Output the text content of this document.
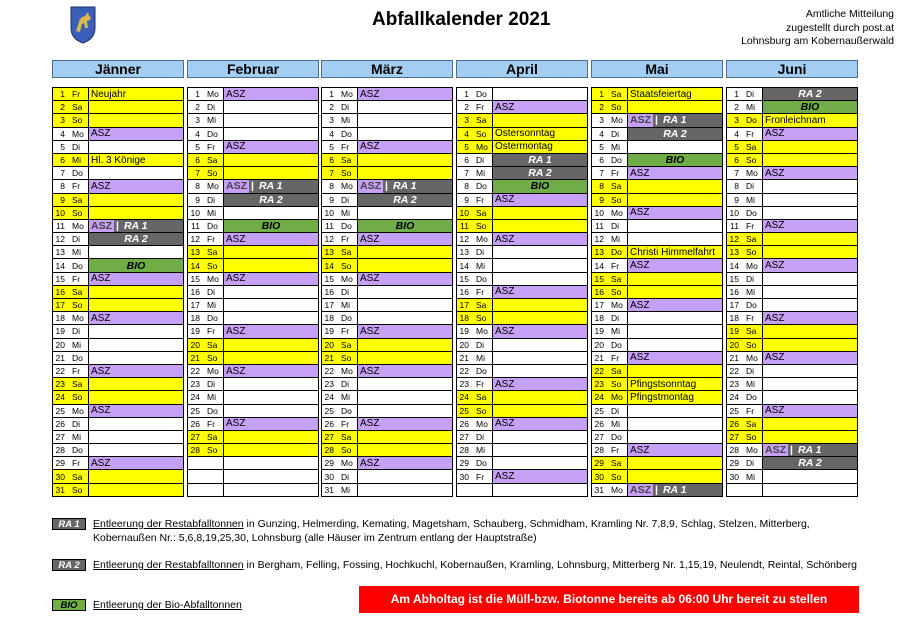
Abfallkalender 2021	Amtliche Mitteilung
zugestellt durch post.at
Lohnsburg am Kobernaußerwald
Jänner
1 Fr	Neujahr
2 Sa
3 So
4 Mo ASZ
5 Di
6 Mi	Hl. 3 Könige
7 Do
8 Fr	ASZ
9 Sa
10 So
11 Mo ASZ | RA 1
12 Di	RA 2
13 Mi
14 Do	BIO
15 Fr	ASZ
16 Sa
17 So
18 Mo ASZ
19 Di
20 Mi
21 Do
22 Fr	ASZ
23 Sa
24 So
25 Mo ASZ
26 Di
27 Mi
28 Do
29 Fr	ASZ
30 Sa
31 So
Februar
1 Mo ASZ
2 Di
3 Mi
4 Do
5 Fr	ASZ
6 Sa
7 So
8 Mo ASZ | RA 1
9 Di	RA 2
10 Mi
11 Do	BIO
12 Fr	ASZ
13 Sa
14 So
15 Mo ASZ
16 Di
17 Mi
18 Do
19 Fr	ASZ
20 Sa
21 So
22 Mo ASZ
23 Di
24 Mi
25 Do
26 Fr	ASZ
27 Sa
28 So
März
1 Mo ASZ
2 Di
3 Mi
4 Do
5 Fr	ASZ
6 Sa
7 So
8 Mo ASZ | RA 1
9 Di	RA 2
10 Mi
11 Do	BIO
12 Fr	ASZ
13 Sa
14 So
15 Mo ASZ
16 Di
17 Mi
18 Do
19 Fr	ASZ
20 Sa
21 So
22 Mo ASZ
23 Di
24 Mi
25 Do
26 Fr	ASZ
27 Sa
28 So
29 Mo ASZ
30 Di
31 Mi
April
1 Do
2 Fr	ASZ
3 Sa
4 So Ostersonntag
5 Mo Ostermontag
6 Di	RA 1
7 Mi	RA 2
8 Do	BIO
9 Fr	ASZ
10 Sa
11 So
12 Mo ASZ
13 Di
14 Mi
15 Do
16 Fr	ASZ
17 Sa
18 So
19 Mo ASZ
20 Di
21 Mi
22 Do
23 Fr	ASZ
24 Sa
25 So
26 Mo ASZ
27 Di
28 Mi
29 Do
30 Fr	ASZ
Mai
1 Sa Staatsfeiertag
2 So
3 Mo ASZ | RA 1
4 Di	RA 2
5 Mi
6 Do	BIO
7 Fr	ASZ
8 Sa
9 So
10 Mo ASZ
11 Di
12 Mi
13 Do Christi Himmelfahrt
14 Fr	ASZ
15 Sa
16 So
17 Mo ASZ
18 Di
19 Mi
20 Do
21 Fr	ASZ
22 Sa
23 So Pfingstsonntag
24 Mo Pfingstmontag
25 Di
26 Mi
27 Do
28 Fr	ASZ
29 Sa
30 So
31 Mo ASZ | RA 1
Juni
1 Di	RA 2
2 Mi	BIO
3 Do Fronleichnam
4 Fr	ASZ
5 Sa
6 So
7 Mo ASZ
8 Di
9 Mi
10 Do
11 Fr	ASZ
12 Sa
13 So
14 Mo ASZ
15 Di
16 Mi
17 Do
18 Fr	ASZ
19 Sa
20 So
21 Mo ASZ
22 Di
23 Mi
24 Do
25 Fr	ASZ
26 Sa
27 So
28 Mo ASZ | RA 1
29 Di	RA 2
30 Mi
RA 1	Entleerung der Restabfalltonnen in Gunzing, Helmerding, Kemating, Magetsham, Schauberg, Schmidham, Kramling Nr. 7,8,9, Schlag, Stelzen, Mitterberg, Kobernaußen Nr.: 5,6,8,19,25,30, Lohnsburg (alle Häuser im Zentrum entlang der Hauptstraße)
RA 2	Entleerung der Restabfalltonnen in Bergham, Felling, Fossing, Hochkuchl, Kobernaußen, Kramling, Lohnsburg, Mitterberg Nr. 1,15,19, Neulendt, Reintal, Schönberg
BIO	Entleerung der Bio-Abfalltonnen	Am Abholtag ist die Müll-bzw. Biotonne bereits ab 06:00 Uhr bereit zu stellen
